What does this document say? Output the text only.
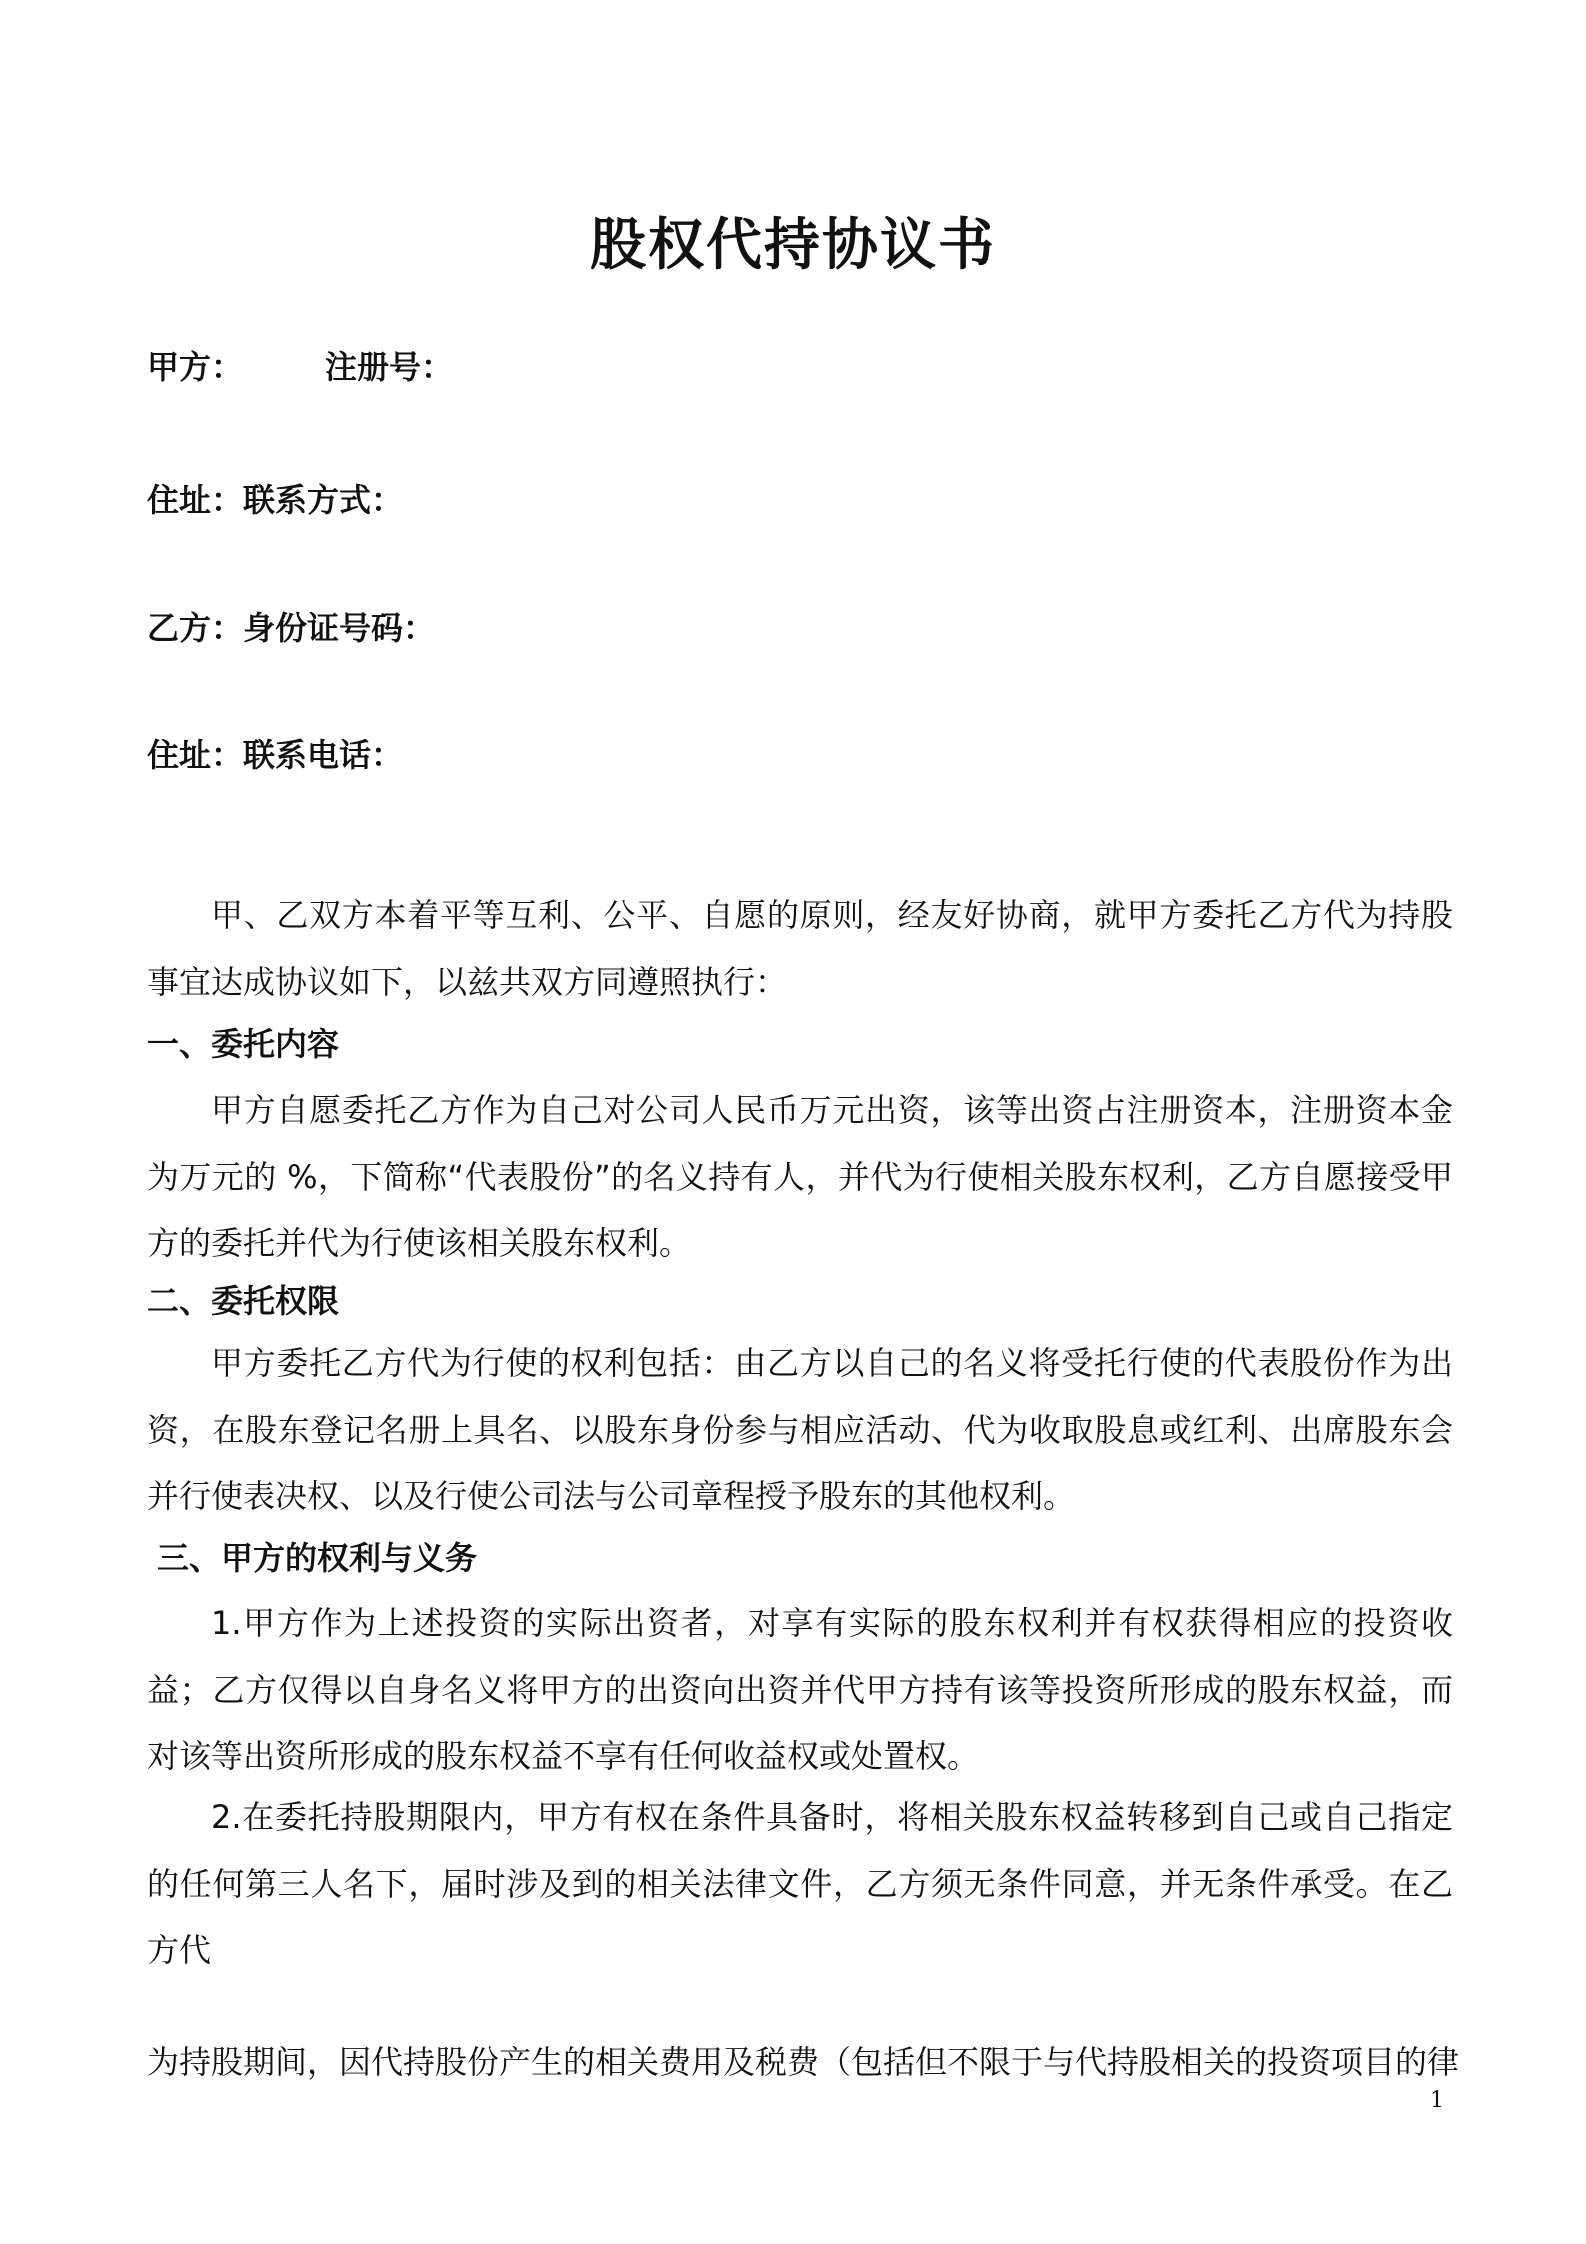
股权代持协议书
甲方：	注册号：
住址：联系方式：
乙方：身份证号码：
住址：联系电话：

甲、乙双方本着平等互利、公平、自愿的原则，经友好协商，就甲方委托乙方代为持股事宜达成协议如下，以兹共双方同遵照执行：

一、委托内容

甲方自愿委托乙方作为自己对公司人民币万元出资，该等出资占注册资本，注册资本金为万元的 %，下简称“代表股份”的名义持有人，并代为行使相关股东权利，乙方自愿接受甲方的委托并代为行使该相关股东权利。

二、委托权限

甲方委托乙方代为行使的权利包括：由乙方以自己的名义将受托行使的代表股份作为出资，在股东登记名册上具名、以股东身份参与相应活动、代为收取股息或红利、出席股东会并行使表决权、以及行使公司法与公司章程授予股东的其他权利。

三、甲方的权利与义务

1.甲方作为上述投资的实际出资者，对享有实际的股东权利并有权获得相应的投资收益；乙方仅得以自身名义将甲方的出资向出资并代甲方持有该等投资所形成的股东权益，而对该等出资所形成的股东权益不享有任何收益权或处置权。

2.在委托持股期限内，甲方有权在条件具备时，将相关股东权益转移到自己或自己指定的任何第三人名下，届时涉及到的相关法律文件，乙方须无条件同意，并无条件承受。在乙方代

为持股期间，因代持股份产生的相关费用及税费（包括但不限于与代持股相关的投资项目的律
1
